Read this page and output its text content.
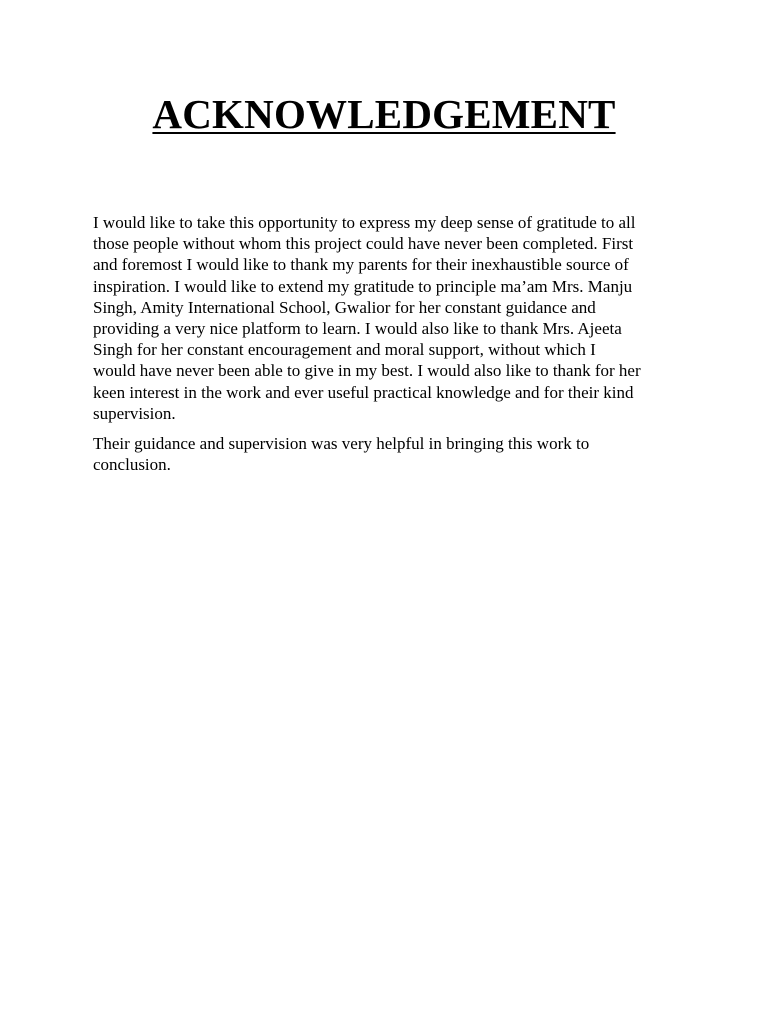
ACKNOWLEDGEMENT

I would like to take this opportunity to express my deep sense of gratitude to all
those people without whom this project could have never been completed. First
and foremost I would like to thank my parents for their inexhaustible source of
inspiration. I would like to extend my gratitude to principle ma’am Mrs. Manju
Singh, Amity International School, Gwalior for her constant guidance and
providing a very nice platform to learn. I would also like to thank Mrs. Ajeeta
Singh for her constant encouragement and moral support, without which I
would have never been able to give in my best. I would also like to thank for her
keen interest in the work and ever useful practical knowledge and for their kind
supervision.

Their guidance and supervision was very helpful in bringing this work to
conclusion.
